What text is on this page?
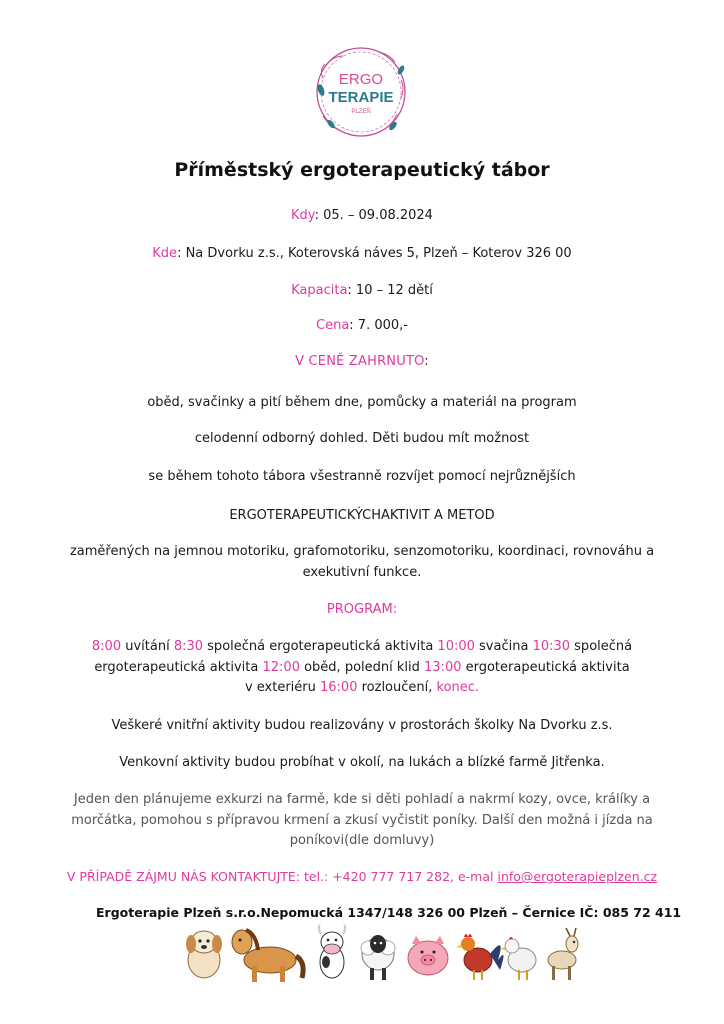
ERGO
TERAPIE
PLZEŇ
Příměstský ergoterapeutický tábor
Kdy: 05. – 09.08.2024
Kde: Na Dvorku z.s., Koterovská náves 5, Plzeň – Koterov 326 00
Kapacita: 10 – 12 dětí
Cena: 7. 000,-
V CENĚ ZAHRNUTO:
oběd, svačinky a pití během dne, pomůcky a materiál na program
celodenní odborný dohled. Děti budou mít možnost
se během tohoto tábora všestranně rozvíjet pomocí nejrůznějších
ERGOTERAPEUTICKÝCHAKTIVIT A METOD
zaměřených na jemnou motoriku, grafomotoriku, senzomotoriku, koordinaci, rovnováhu a
exekutivní funkce.
PROGRAM:
8:00 uvítání 8:30 společná ergoterapeutická aktivita 10:00 svačina 10:30 společná
ergoterapeutická aktivita 12:00 oběd, polední klid 13:00 ergoterapeutická aktivita
v exteriéru 16:00 rozloučení, konec.
Veškeré vnitřní aktivity budou realizovány v prostorách školky Na Dvorku z.s.
Venkovní aktivity budou probíhat v okolí, na lukách a blízké farmě Jitřenka.
Jeden den plánujeme exkurzi na farmě, kde si děti pohladí a nakrmí kozy, ovce, králíky a
morčátka, pomohou s přípravou krmení a zkusí vyčistit poníky. Další den možná i jízda na
poníkovi(dle domluvy)
V PŘÍPADĚ ZÁJMU NÁS KONTAKTUJTE: tel.: +420 777 717 282, e-mal info@ergoterapieplzen.cz
Ergoterapie Plzeň s.r.o.Nepomucká 1347/148 326 00 Plzeň – Černice IČ: 085 72 411
